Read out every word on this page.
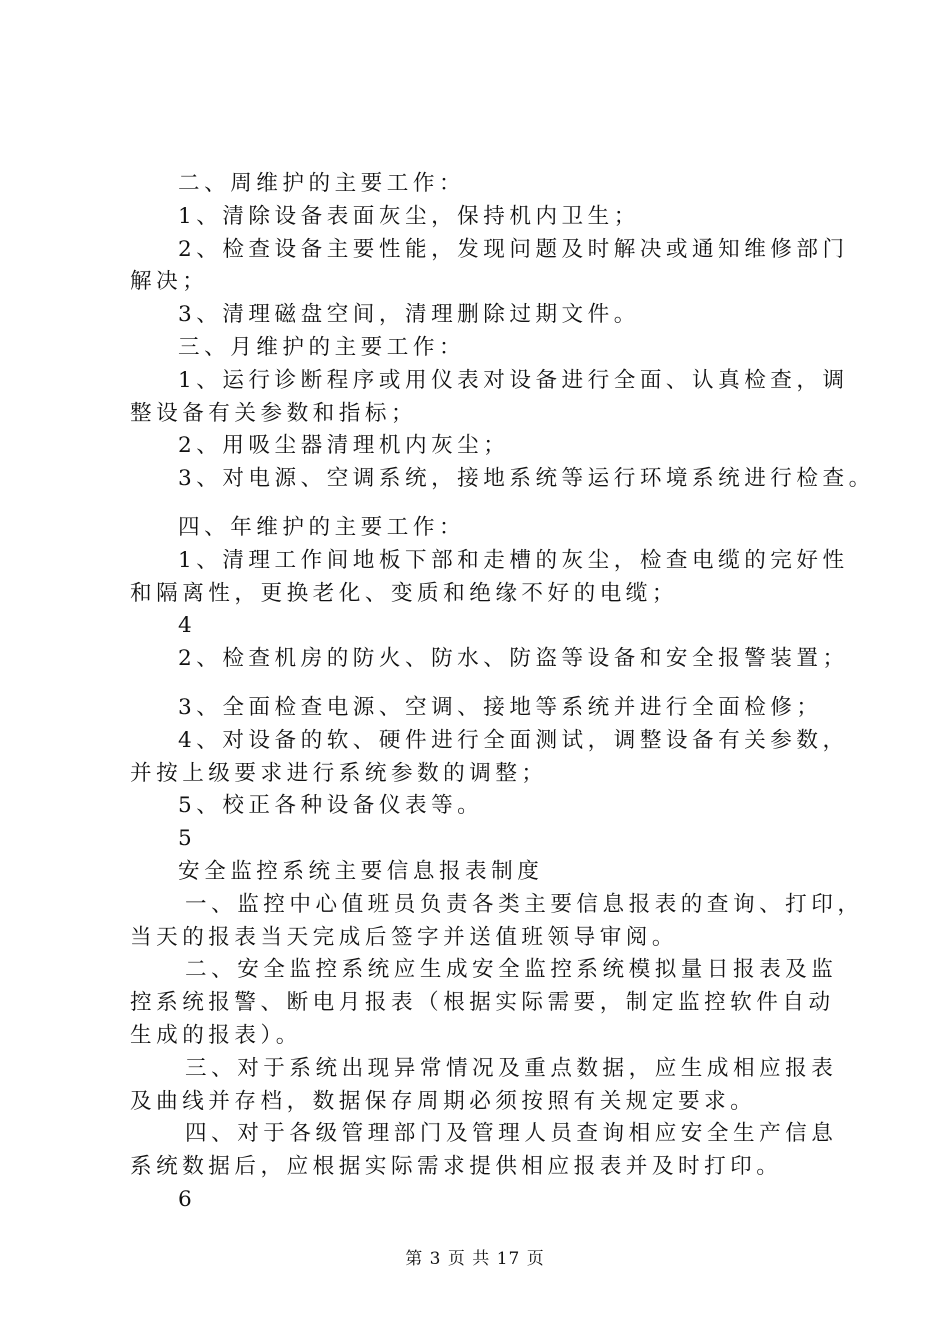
二、周维护的主要工作：
1、清除设备表面灰尘，保持机内卫生；
2、检查设备主要性能，发现问题及时解决或通知维修部门
解决；
3、清理磁盘空间，清理删除过期文件。
三、月维护的主要工作：
1、运行诊断程序或用仪表对设备进行全面、认真检查，调
整设备有关参数和指标；
2、用吸尘器清理机内灰尘；
3、对电源、空调系统，接地系统等运行环境系统进行检查。
四、年维护的主要工作：
1、清理工作间地板下部和走槽的灰尘，检查电缆的完好性
和隔离性，更换老化、变质和绝缘不好的电缆；
4
2、检查机房的防火、防水、防盗等设备和安全报警装置；
3、全面检查电源、空调、接地等系统并进行全面检修；
4、对设备的软、硬件进行全面测试，调整设备有关参数，
并按上级要求进行系统参数的调整；
5、校正各种设备仪表等。
5
安全监控系统主要信息报表制度
一、监控中心值班员负责各类主要信息报表的查询、打印，
当天的报表当天完成后签字并送值班领导审阅。
二、安全监控系统应生成安全监控系统模拟量日报表及监
控系统报警、断电月报表（根据实际需要，制定监控软件自动
生成的报表）。
三、对于系统出现异常情况及重点数据，应生成相应报表
及曲线并存档，数据保存周期必须按照有关规定要求。
四、对于各级管理部门及管理人员查询相应安全生产信息
系统数据后，应根据实际需求提供相应报表并及时打印。
6
第 3 页 共 17 页
